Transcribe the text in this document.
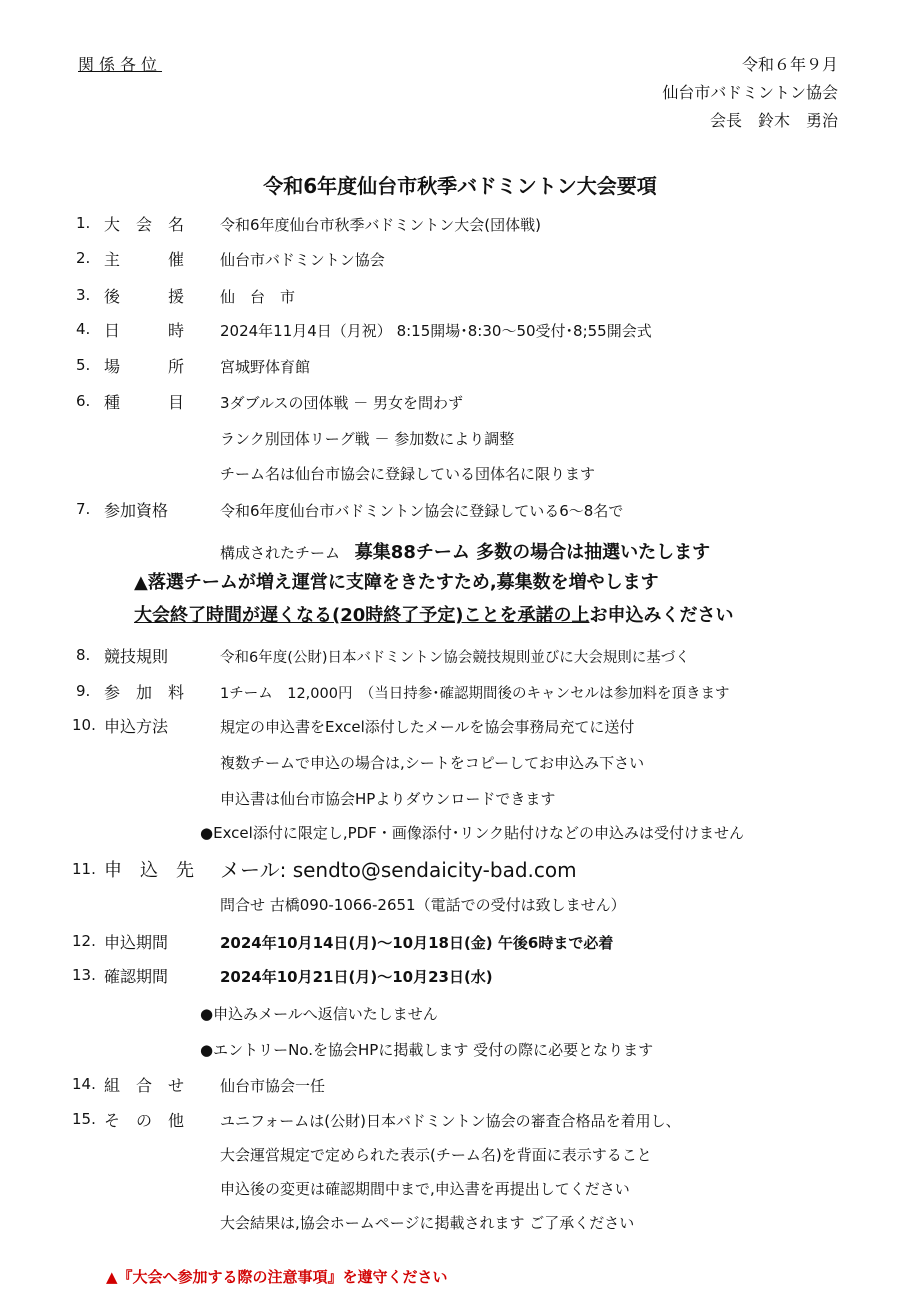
関係各位	令和６年９月
仙台市バドミントン協会
会長　鈴木　勇治
令和6年度仙台市秋季バドミントン大会要項
1. 大　会　名 令和6年度仙台市秋季バドミントン大会(団体戦)
2. 主　　　催 仙台市バドミントン協会
3. 後　　　援 仙　台　市
4. 日　　　時 2024年11月4日（月祝） 8:15開場･8:30～50受付･8;55開会式
5. 場　　　所 宮城野体育館
6. 種　　　目 3ダブルスの団体戦 － 男女を問わず
ランク別団体リーグ戦 － 参加数により調整
チーム名は仙台市協会に登録している団体名に限ります
7. 参加資格	令和6年度仙台市バドミントン協会に登録している6～8名で
構成されたチーム 募集88チーム 多数の場合は抽選いたします
▲落選チームが増え運営に支障をきたすため,募集数を増やします
大会終了時間が遅くなる(20時終了予定)ことを承諾の上お申込みください
8. 競技規則	令和6年度(公財)日本バドミントン協会競技規則並びに大会規則に基づく
9. 参　加　料 1チーム　12,000円　（当日持参･確認期間後のキャンセルは参加料を頂きます
10. 申込方法	規定の申込書をExcel添付したメールを協会事務局充てに送付
複数チームで申込の場合は,シートをコピーしてお申込み下さい
申込書は仙台市協会HPよりダウンロードできます
●Excel添付に限定し,PDF・画像添付･リンク貼付けなどの申込みは受付けません
11. 申　込　先 メール: sendto@sendaicity-bad.com
問合せ 古橋090-1066-2651（電話での受付は致しません）
12. 申込期間	2024年10月14日(月)～10月18日(金) 午後6時まで必着
13. 確認期間	2024年10月21日(月)～10月23日(水)
●申込みメールへ返信いたしません
●エントリーNo.を協会HPに掲載します 受付の際に必要となります
14. 組　合　せ 仙台市協会一任
15. そ　の　他 ユニフォームは(公財)日本バドミントン協会の審査合格品を着用し、
大会運営規定で定められた表示(チーム名)を背面に表示すること
申込後の変更は確認期間中まで,申込書を再提出してください
大会結果は,協会ホームページに掲載されます ご了承ください
▲『大会へ参加する際の注意事項』を遵守ください
